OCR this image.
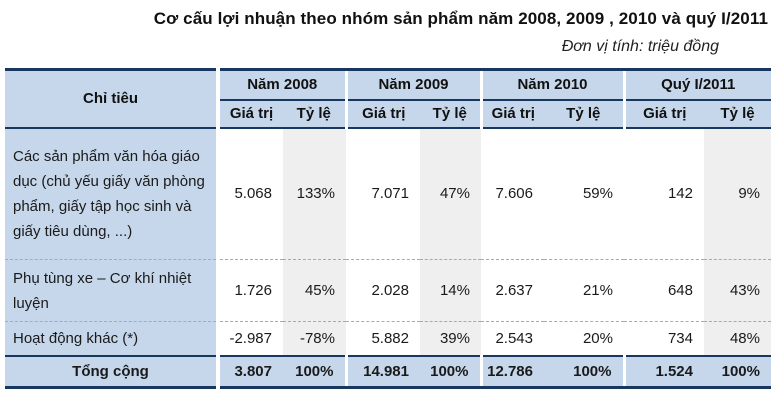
Cơ cấu lợi nhuận theo nhóm sản phẩm năm 2008, 2009 , 2010 và quý I/2011
Đơn vị tính: triệu đồng
Chỉ tiêu	Năm 2008		Năm 2009		Năm 2010		Quý I/2011	
	Giá trị	Tỷ lệ	Giá trị	Tỷ lệ	Giá trị	Tỷ lệ	Giá trị	Tỷ lệ
Các sản phẩm văn hóa giáo dục (chủ yếu giấy văn phòng phẩm, giấy tập học sinh và giấy tiêu dùng, ...)	5.068	133%	7.071	47%	7.606	59%	142	9%
Phụ tùng xe – Cơ khí nhiệt luyện	1.726	45%	2.028	14%	2.637	21%	648	43%
Hoạt động khác (*)	-2.987	-78%	5.882	39%	2.543	20%	734	48%
Tổng cộng	3.807	100%	14.981	100%	12.786	100%	1.524	100%
